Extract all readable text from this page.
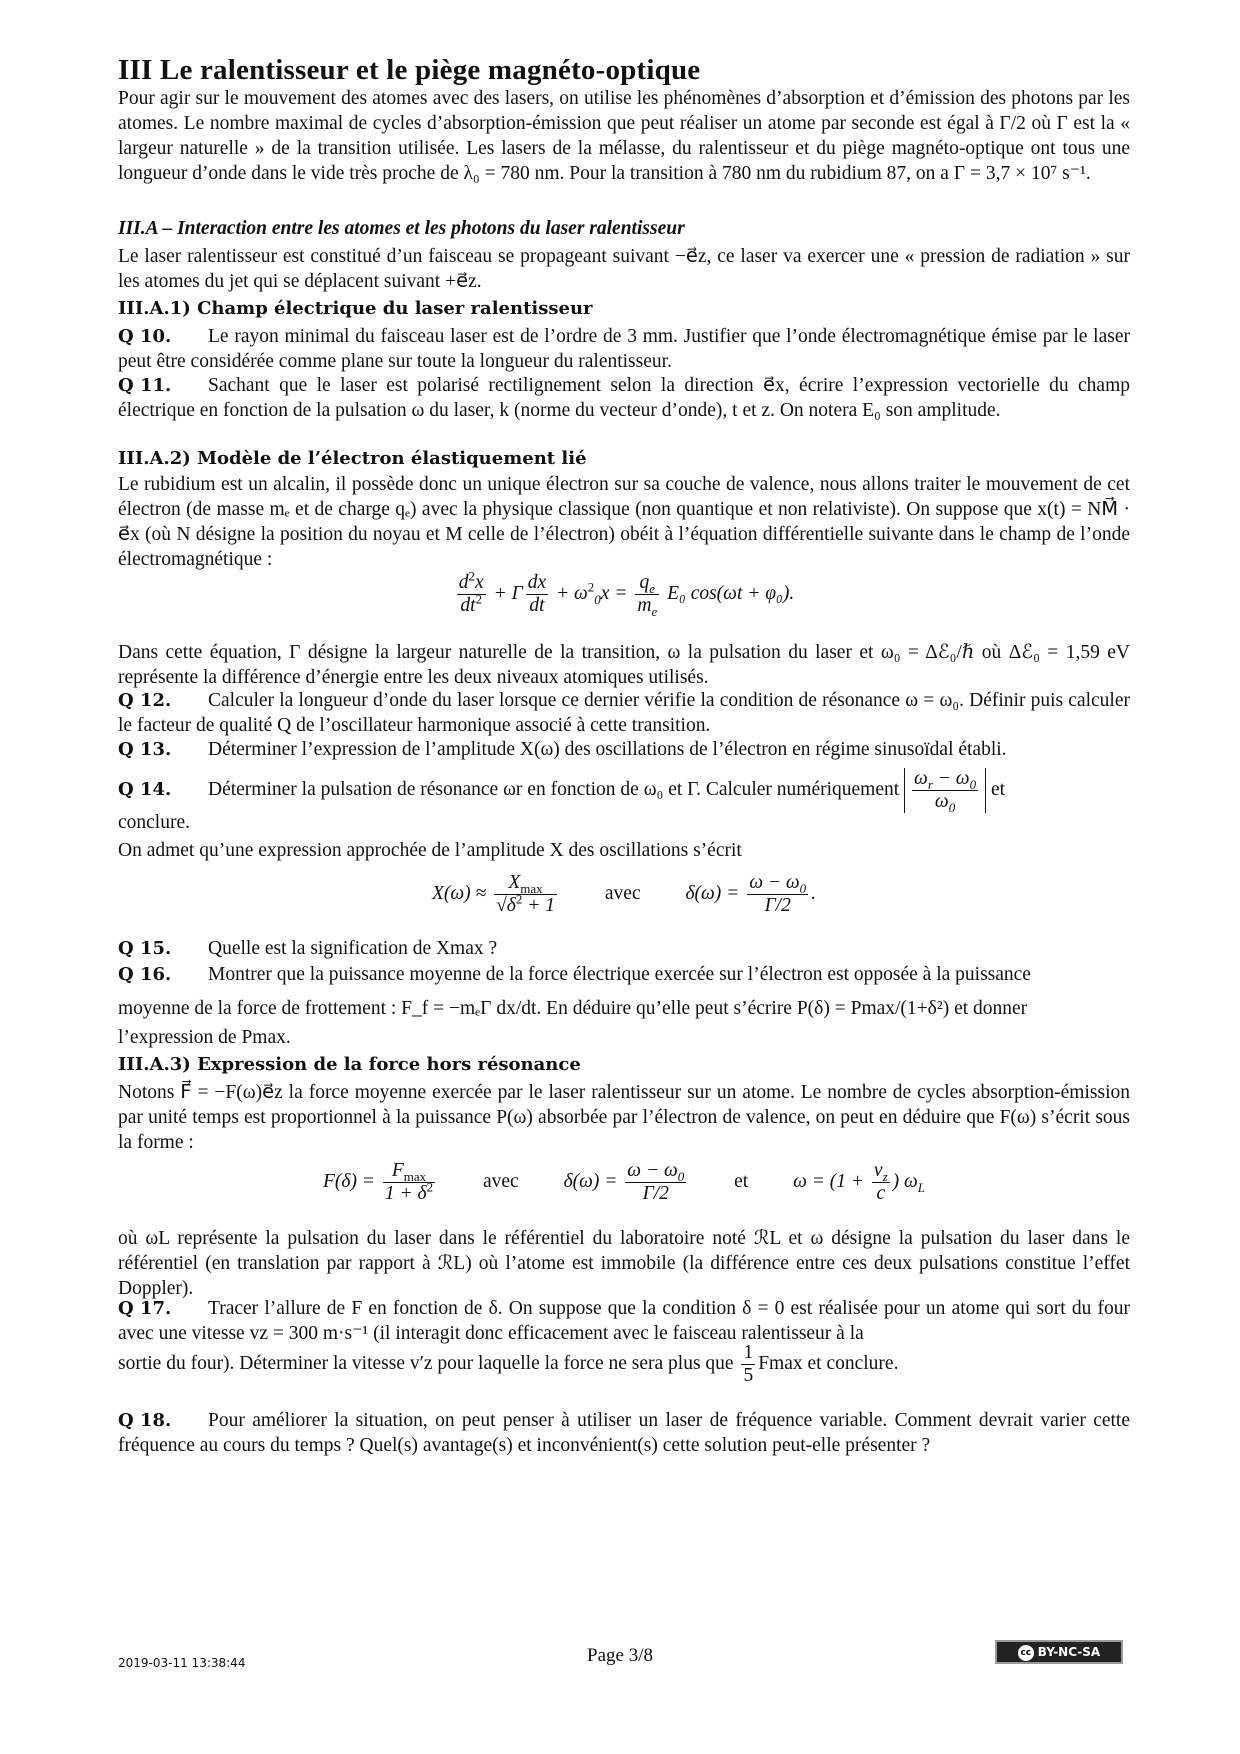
III Le ralentisseur et le piège magnéto-optique
Pour agir sur le mouvement des atomes avec des lasers, on utilise les phénomènes d’absorption et d’émission des photons par les atomes. Le nombre maximal de cycles d’absorption-émission que peut réaliser un atome par seconde est égal à Γ/2 où Γ est la « largeur naturelle » de la transition utilisée. Les lasers de la mélasse, du ralentisseur et du piège magnéto-optique ont tous une longueur d’onde dans le vide très proche de λ₀ = 780 nm. Pour la transition à 780 nm du rubidium 87, on a Γ = 3,7 × 10⁷ s⁻¹.
III.A – Interaction entre les atomes et les photons du laser ralentisseur
Le laser ralentisseur est constitué d’un faisceau se propageant suivant −e⃗z, ce laser va exercer une « pression de radiation » sur les atomes du jet qui se déplacent suivant +e⃗z.
III.A.1) Champ électrique du laser ralentisseur
Q 10. Le rayon minimal du faisceau laser est de l’ordre de 3 mm. Justifier que l’onde électromagnétique émise par le laser peut être considérée comme plane sur toute la longueur du ralentisseur.
Q 11. Sachant que le laser est polarisé rectilignement selon la direction e⃗x, écrire l’expression vectorielle du champ électrique en fonction de la pulsation ω du laser, k (norme du vecteur d’onde), t et z. On notera E₀ son amplitude.
III.A.2) Modèle de l’électron élastiquement lié
Le rubidium est un alcalin, il possède donc un unique électron sur sa couche de valence, nous allons traiter le mouvement de cet électron (de masse mₑ et de charge qₑ) avec la physique classique (non quantique et non relativiste). On suppose que x(t) = NM⃗ · e⃗x (où N désigne la position du noyau et M celle de l’électron) obéit à l’équation différentielle suivante dans le champ de l’onde électromagnétique :
$\frac{d^2x}{dt^2} + \Gamma \frac{dx}{dt} + \omega^2_0x = \frac{q_e}{m_e} E_0$ cos(ωt + φ₀).
Dans cette équation, Γ désigne la largeur naturelle de la transition, ω la pulsation du laser et ω₀ = Δℰ₀/ℏ où Δℰ₀ = 1,59 eV représente la différence d’énergie entre les deux niveaux atomiques utilisés.
Q 12. Calculer la longueur d’onde du laser lorsque ce dernier vérifie la condition de résonance ω = ω₀. Définir puis calculer le facteur de qualité Q de l’oscillateur harmonique associé à cette transition.
Q 13. Déterminer l’expression de l’amplitude X(ω) des oscillations de l’électron en régime sinusoïdal établi.
Q 14. Déterminer la pulsation de résonance ωr en fonction de ω₀ et Γ. Calculer numériquement $\frac{\omega_r - \omega_0}{\omega_0}$ et
conclure.
On admet qu’une expression approchée de l’amplitude X des oscillations s’écrit
$X(\omega) \approx \frac{X_{max}}{√\delta^2 + 1}$ avec $\delta(\omega) = \frac{\omega - \omega_0}{\Gamma/2}$ .
Q 15. Quelle est la signification de Xmax ?
Q 16. Montrer que la puissance moyenne de la force électrique exercée sur l’électron est opposée à la puissance
moyenne de la force de frottement : F_f = −mₑΓ dx/dt. En déduire qu’elle peut s’écrire P(δ) = Pmax/(1+δ²) et donner
l’expression de Pmax.
III.A.3) Expression de la force hors résonance
Notons F⃗ = −F(ω)e⃗z la force moyenne exercée par le laser ralentisseur sur un atome. Le nombre de cycles absorption-émission par unité temps est proportionnel à la puissance P(ω) absorbée par l’électron de valence, on peut en déduire que F(ω) s’écrit sous la forme :
$F(\delta) = \frac{F_{max}}{1 + \delta^2}$ avec $\delta(\omega) = \frac{\omega - \omega_0}{\Gamma/2}$ et $\omega = (1 + \frac{v_z}{c}$ ) $\omega_L$
où ωL représente la pulsation du laser dans le référentiel du laboratoire noté ℛL et ω désigne la pulsation du laser dans le référentiel (en translation par rapport à ℛL) où l’atome est immobile (la différence entre ces deux pulsations constitue l’effet Doppler).
Q 17. Tracer l’allure de F en fonction de δ. On suppose que la condition δ = 0 est réalisée pour un atome qui sort du four avec une vitesse vz = 300 m·s⁻¹ (il interagit donc efficacement avec le faisceau ralentisseur à la
sortie du four). Déterminer la vitesse v′z pour laquelle la force ne sera plus que $\frac{1}{5}$ Fmax et conclure.
Q 18. Pour améliorer la situation, on peut penser à utiliser un laser de fréquence variable. Comment devrait varier cette fréquence au cours du temps ? Quel(s) avantage(s) et inconvénient(s) cette solution peut-elle présenter ?
2019-03-11 13:38:44	Page 3/8	cc BY-NC-SA
